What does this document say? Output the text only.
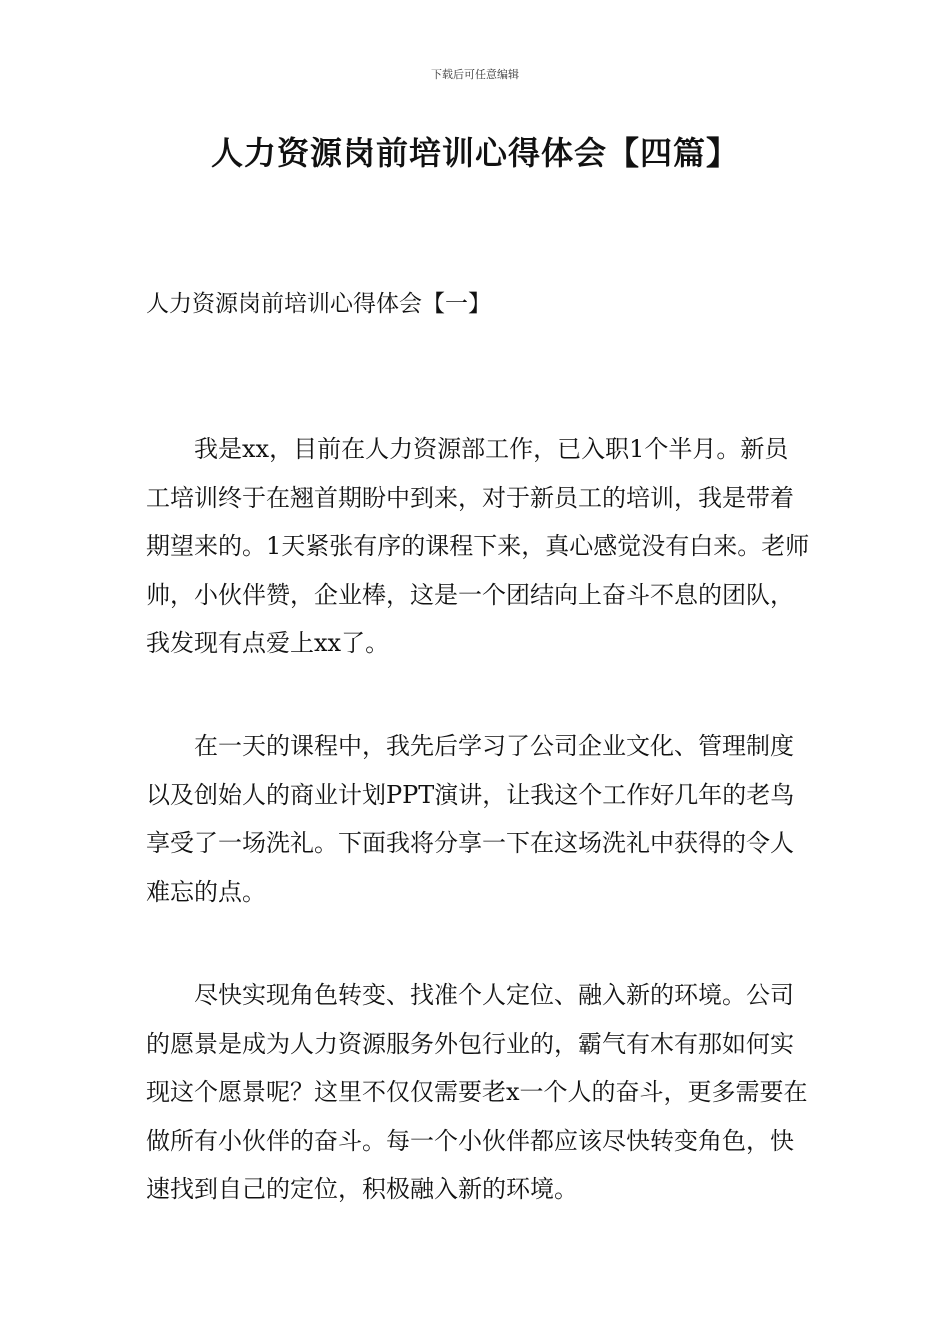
下载后可任意编辑
人力资源岗前培训心得体会【四篇】
人力资源岗前培训心得体会【一】

我是xx，目前在人力资源部工作，已入职1个半月。新员工培训终于在翘首期盼中到来，对于新员工的培训，我是带着期望来的。1天紧张有序的课程下来，真心感觉没有白来。老师帅，小伙伴赞，企业棒，这是一个团结向上奋斗不息的团队，我发现有点爱上xx了。

在一天的课程中，我先后学习了公司企业文化、管理制度以及创始人的商业计划PPT演讲，让我这个工作好几年的老鸟享受了一场洗礼。下面我将分享一下在这场洗礼中获得的令人难忘的点。

尽快实现角色转变、找准个人定位、融入新的环境。公司的愿景是成为人力资源服务外包行业的，霸气有木有那如何实现这个愿景呢？这里不仅仅需要老x一个人的奋斗，更多需要在做所有小伙伴的奋斗。每一个小伙伴都应该尽快转变角色，快速找到自己的定位，积极融入新的环境。
